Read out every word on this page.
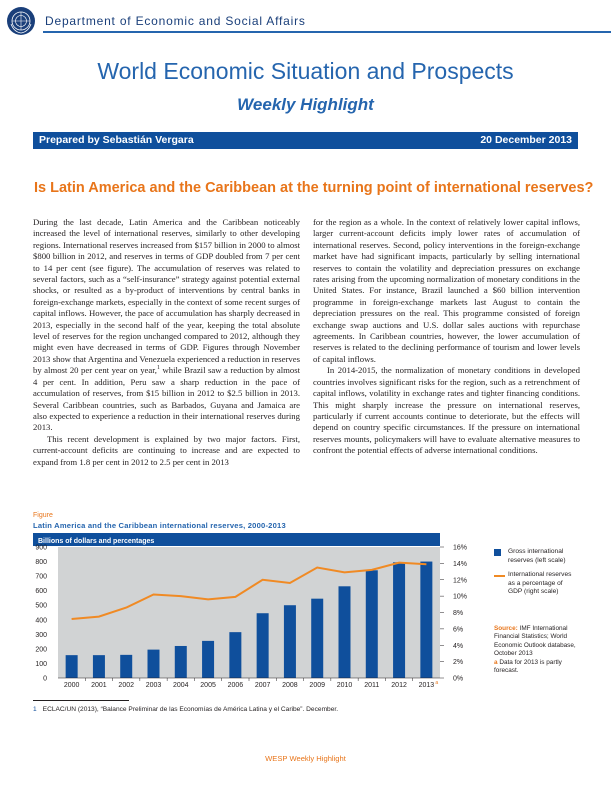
Department of Economic and Social Affairs
World Economic Situation and Prospects
Weekly Highlight
Prepared by Sebastián Vergara	20 December 2013
Is Latin America and the Caribbean at the turning point of international reserves?

During the last decade, Latin America and the Caribbean noticeably increased the level of international reserves, similarly to other developing regions. International reserves increased from $157 billion in 2000 to almost $800 billion in 2012, and reserves in terms of GDP doubled from 7 per cent to 14 per cent (see figure). The accumulation of reserves was related to several factors, such as a “self-insurance” strategy against potential external shocks, or resulted as a by-product of interventions by central banks in foreign-exchange markets, especially in the context of some recent surges of capital inflows. However, the pace of accumulation has sharply decreased in 2013, especially in the second half of the year, keeping the total absolute level of reserves for the region unchanged compared to 2012, although they might even have decreased in terms of GDP. Figures through November 2013 show that Argentina and Venezuela experienced a reduction in reserves by almost 20 per cent year on year,$^1$ while Brazil saw a reduction by almost 4 per cent. In addition, Peru saw a sharp reduction in the pace of accumulation of reserves, from $15 billion in 2012 to $2.5 billion in 2013. Several Caribbean countries, such as Barbados, Guyana and Jamaica are also expected to experience a reduction in their international reserves during 2013.

This recent development is explained by two major factors. First, current-account deficits are continuing to increase and are expected to expand from 1.8 per cent in 2012 to 2.5 per cent in 2013

for the region as a whole. In the context of relatively lower capital inflows, larger current-account deficits imply lower rates of accumulation of international reserves. Second, policy interventions in the foreign-exchange market have had significant impacts, particularly by selling international reserves to contain the volatility and depreciation pressures on exchange rates arising from the upcoming normalization of monetary conditions in the United States. For instance, Brazil launched a $60 billion intervention programme in foreign-exchange markets last August to contain the depreciation pressures on the real. This programme consisted of foreign exchange swap auctions and U.S. dollar sales auctions with repurchase agreements. In Caribbean countries, however, the lower accumulation of reserves is related to the declining performance of tourism and lower levels of capital inflows.

In 2014-2015, the normalization of monetary conditions in developed countries involves significant risks for the region, such as a retrenchment of capital inflows, volatility in exchange rates and tighter financing conditions. This might sharply increase the pressure on international reserves, particularly if current accounts continue to deteriorate, but the effects will depend on country specific circumstances. If the pressure on international reserves mounts, policymakers will have to evaluate alternative measures to confront the potential effects of adverse international conditions.

Figure
Latin America and the Caribbean international reserves, 2000-2013
Billions of dollars and percentages
0
100
200
300
400
500
600
700
800
900
0%
2%
4%
6%
8%
10%
12%
14%
16%
2000 2001 2002 2003 2004 2005 2006 2007 2008 2009 2010 2011 2012 2013 a
Gross international reserves (left scale)
International reserves as a percentage of GDP (right scale)
Source: IMF International Financial Statistics; World Economic Outlook database, October 2013
a Data for 2013 is partly forecast.
1 ECLAC/UN (2013), “Balance Preliminar de las Economías de América Latina y el Caribe”. December.
WESP Weekly Highlight
